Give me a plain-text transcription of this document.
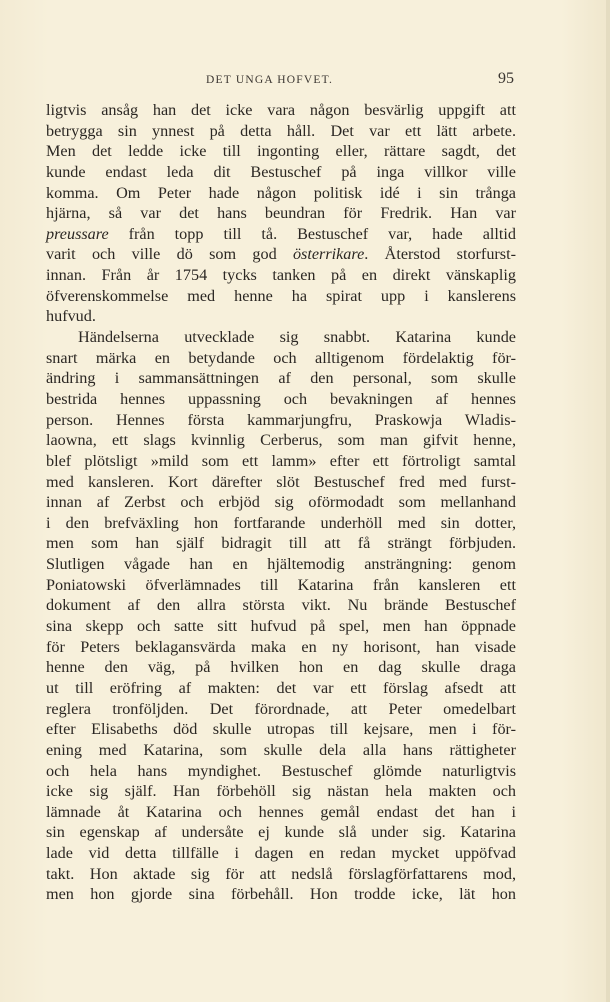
DET UNGA HOFVET.	95
ligtvis ansåg han det icke vara någon besvärlig uppgift att
betrygga sin ynnest på detta håll. Det var ett lätt arbete.
Men det ledde icke till ingonting eller, rättare sagdt, det
kunde endast leda dit Bestuschef på inga villkor ville
komma. Om Peter hade någon politisk idé i sin trånga
hjärna, så var det hans beundran för Fredrik. Han var
preussare från topp till tå. Bestuschef var, hade alltid
varit och ville dö som god österrikare. Återstod storfurst-
innan. Från år 1754 tycks tanken på en direkt vänskaplig
öfverenskommelse med henne ha spirat upp i kanslerens
hufvud.
Händelserna utvecklade sig snabbt. Katarina kunde
snart märka en betydande och alltigenom fördelaktig för-
ändring i sammansättningen af den personal, som skulle
bestrida hennes uppassning och bevakningen af hennes
person. Hennes första kammarjungfru, Praskowja Wladis-
laowna, ett slags kvinnlig Cerberus, som man gifvit henne,
blef plötsligt »mild som ett lamm» efter ett förtroligt samtal
med kansleren. Kort därefter slöt Bestuschef fred med furst-
innan af Zerbst och erbjöd sig oförmodadt som mellanhand
i den brefväxling hon fortfarande underhöll med sin dotter,
men som han själf bidragit till att få strängt förbjuden.
Slutligen vågade han en hjältemodig ansträngning: genom
Poniatowski öfverlämnades till Katarina från kansleren ett
dokument af den allra största vikt. Nu brände Bestuschef
sina skepp och satte sitt hufvud på spel, men han öppnade
för Peters beklagansvärda maka en ny horisont, han visade
henne den väg, på hvilken hon en dag skulle draga
ut till eröfring af makten: det var ett förslag afsedt att
reglera tronföljden. Det förordnade, att Peter omedelbart
efter Elisabeths död skulle utropas till kejsare, men i för-
ening med Katarina, som skulle dela alla hans rättigheter
och hela hans myndighet. Bestuschef glömde naturligtvis
icke sig själf. Han förbehöll sig nästan hela makten och
lämnade åt Katarina och hennes gemål endast det han i
sin egenskap af undersåte ej kunde slå under sig. Katarina
lade vid detta tillfälle i dagen en redan mycket uppöfvad
takt. Hon aktade sig för att nedslå förslagförfattarens mod,
men hon gjorde sina förbehåll. Hon trodde icke, lät hon
